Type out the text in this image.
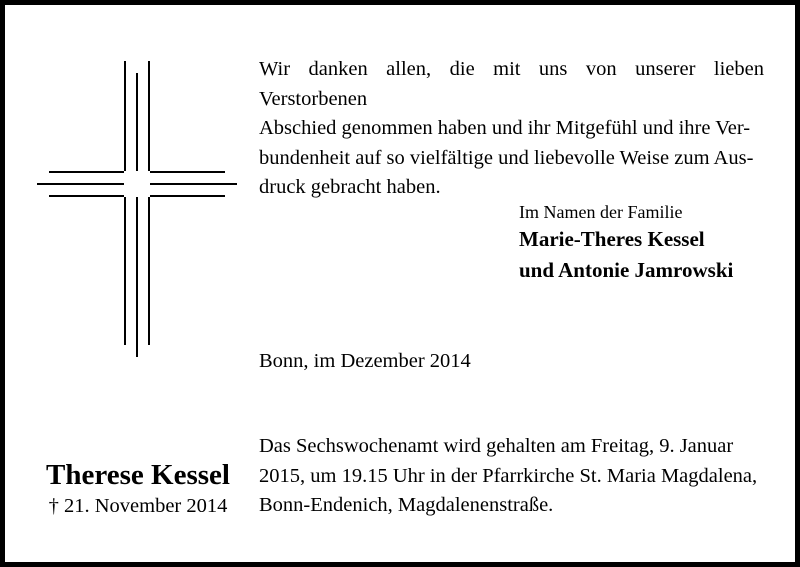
Wir danken allen, die mit uns von unserer lieben Verstorbenen
Abschied genommen haben und ihr Mitgefühl und ihre Ver-
bundenheit auf so vielfältige und liebevolle Weise zum Aus-
druck gebracht haben.
Im Namen der Familie
Marie-Theres Kessel
und Antonie Jamrowski
Bonn, im Dezember 2014
Das Sechswochenamt wird gehalten am Freitag, 9. Januar
2015, um 19.15 Uhr in der Pfarrkirche St. Maria Magdalena,
Bonn-Endenich, Magdalenenstraße.
Therese Kessel
† 21. November 2014
